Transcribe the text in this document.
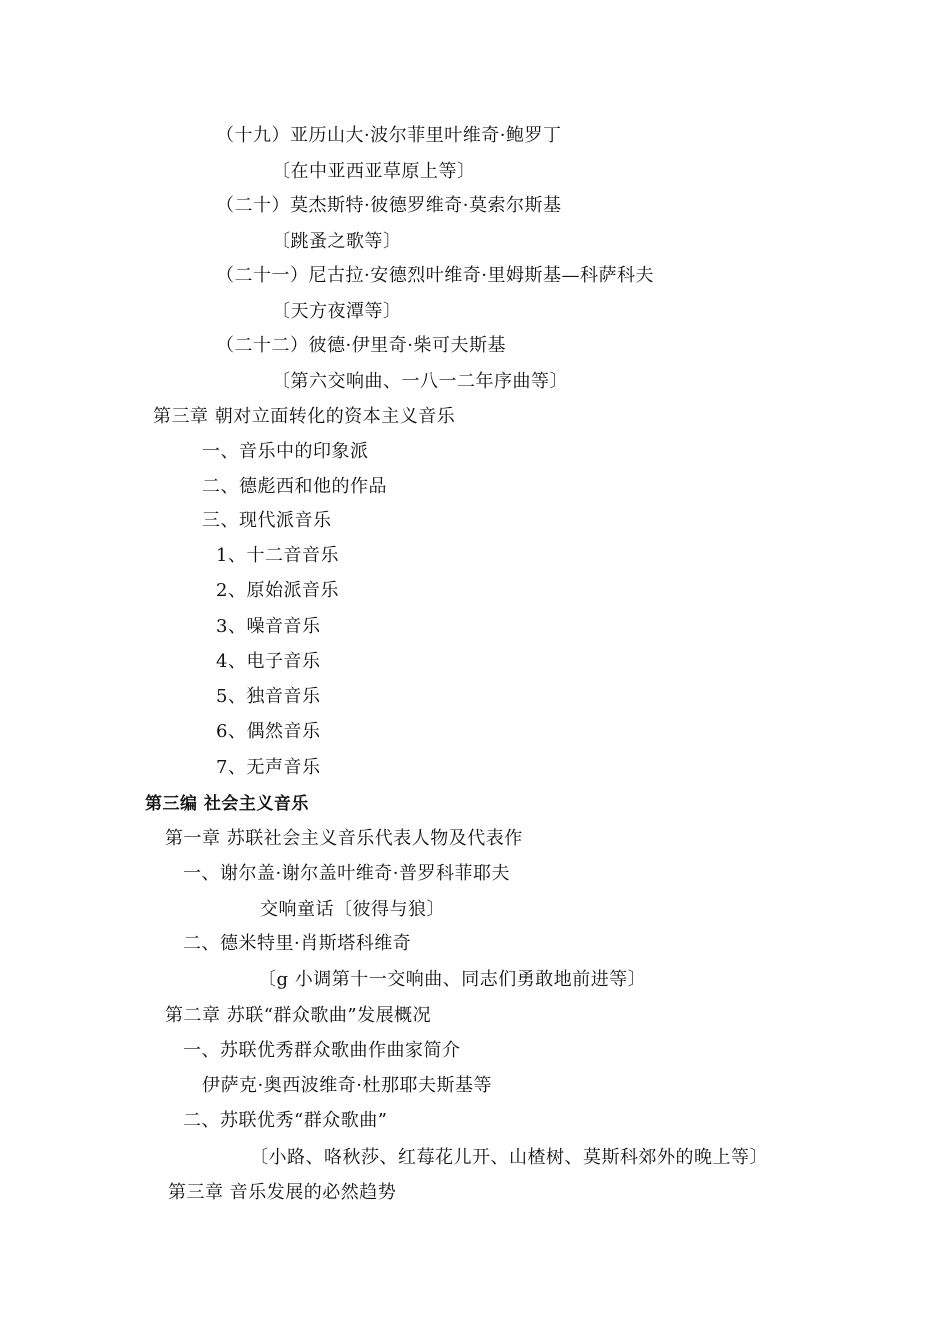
（十九）亚历山大·波尔菲里叶维奇·鲍罗丁
〔在中亚西亚草原上等〕
（二十）莫杰斯特·彼德罗维奇·莫索尔斯基
〔跳蚤之歌等〕
（二十一）尼古拉·安德烈叶维奇·里姆斯基—科萨科夫
〔天方夜潭等〕
（二十二）彼德·伊里奇·柴可夫斯基
〔第六交响曲、一八一二年序曲等〕
第三章 朝对立面转化的资本主义音乐
一、音乐中的印象派
二、德彪西和他的作品
三、现代派音乐
1、十二音音乐
2、原始派音乐
3、噪音音乐
4、电子音乐
5、独音音乐
6、偶然音乐
7、无声音乐
第三编 社会主义音乐
第一章 苏联社会主义音乐代表人物及代表作
一、谢尔盖·谢尔盖叶维奇·普罗科菲耶夫
交响童话〔彼得与狼〕
二、德米特里·肖斯塔科维奇
〔g 小调第十一交响曲、同志们勇敢地前进等〕
第二章 苏联“群众歌曲”发展概况
一、苏联优秀群众歌曲作曲家简介
伊萨克·奥西波维奇·杜那耶夫斯基等
二、苏联优秀“群众歌曲”
〔小路、咯秋莎、红莓花儿开、山楂树、莫斯科郊外的晚上等〕
第三章 音乐发展的必然趋势
